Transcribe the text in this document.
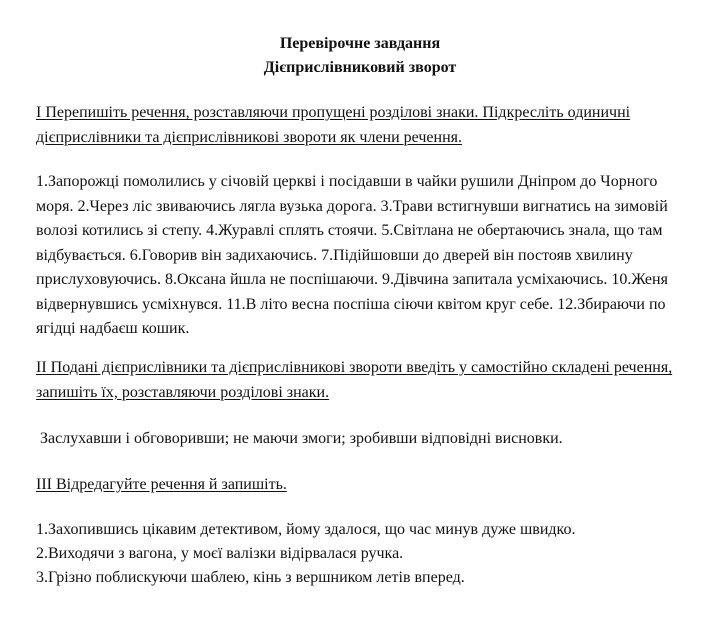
Перевірочне завдання
Дієприслівниковий зворот
І Перепишіть речення, розставляючи пропущені розділові знаки. Підкресліть одиничні дієприслівники та дієприслівникові звороти як члени речення.
1.Запорожці помолились у січовій церкві і посідавши в чайки рушили Дніпром до Чорного моря. 2.Через ліс звиваючись лягла вузька дорога. 3.Трави встигнувши вигнатись на зимовій волозі котились зі степу. 4.Журавлі сплять стоячи. 5.Світлана не обертаючись знала, що там відбувається. 6.Говорив він задихаючись. 7.Підійшовши до дверей він постояв хвилину прислуховуючись. 8.Оксана йшла не поспішаючи. 9.Дівчина запитала усміхаючись. 10.Женя відвернувшись усміхнувся. 11.В літо весна поспіша сіючи квітом круг себе. 12.Збираючи по ягідці надбаєш кошик.
ІІ Подані дієприслівники та дієприслівникові звороти введіть у самостійно складені речення, запишіть їх, розставляючи розділові знаки.
Заслухавши і обговоривши; не маючи змоги; зробивши відповідні висновки.
ІІІ Відредагуйте речення й запишіть.
1.Захопившись цікавим детективом, йому здалося, що час минув дуже швидко.
2.Виходячи з вагона, у моєї валізки відірвалася ручка.
3.Грізно поблискуючи шаблею, кінь з вершником летів вперед.
